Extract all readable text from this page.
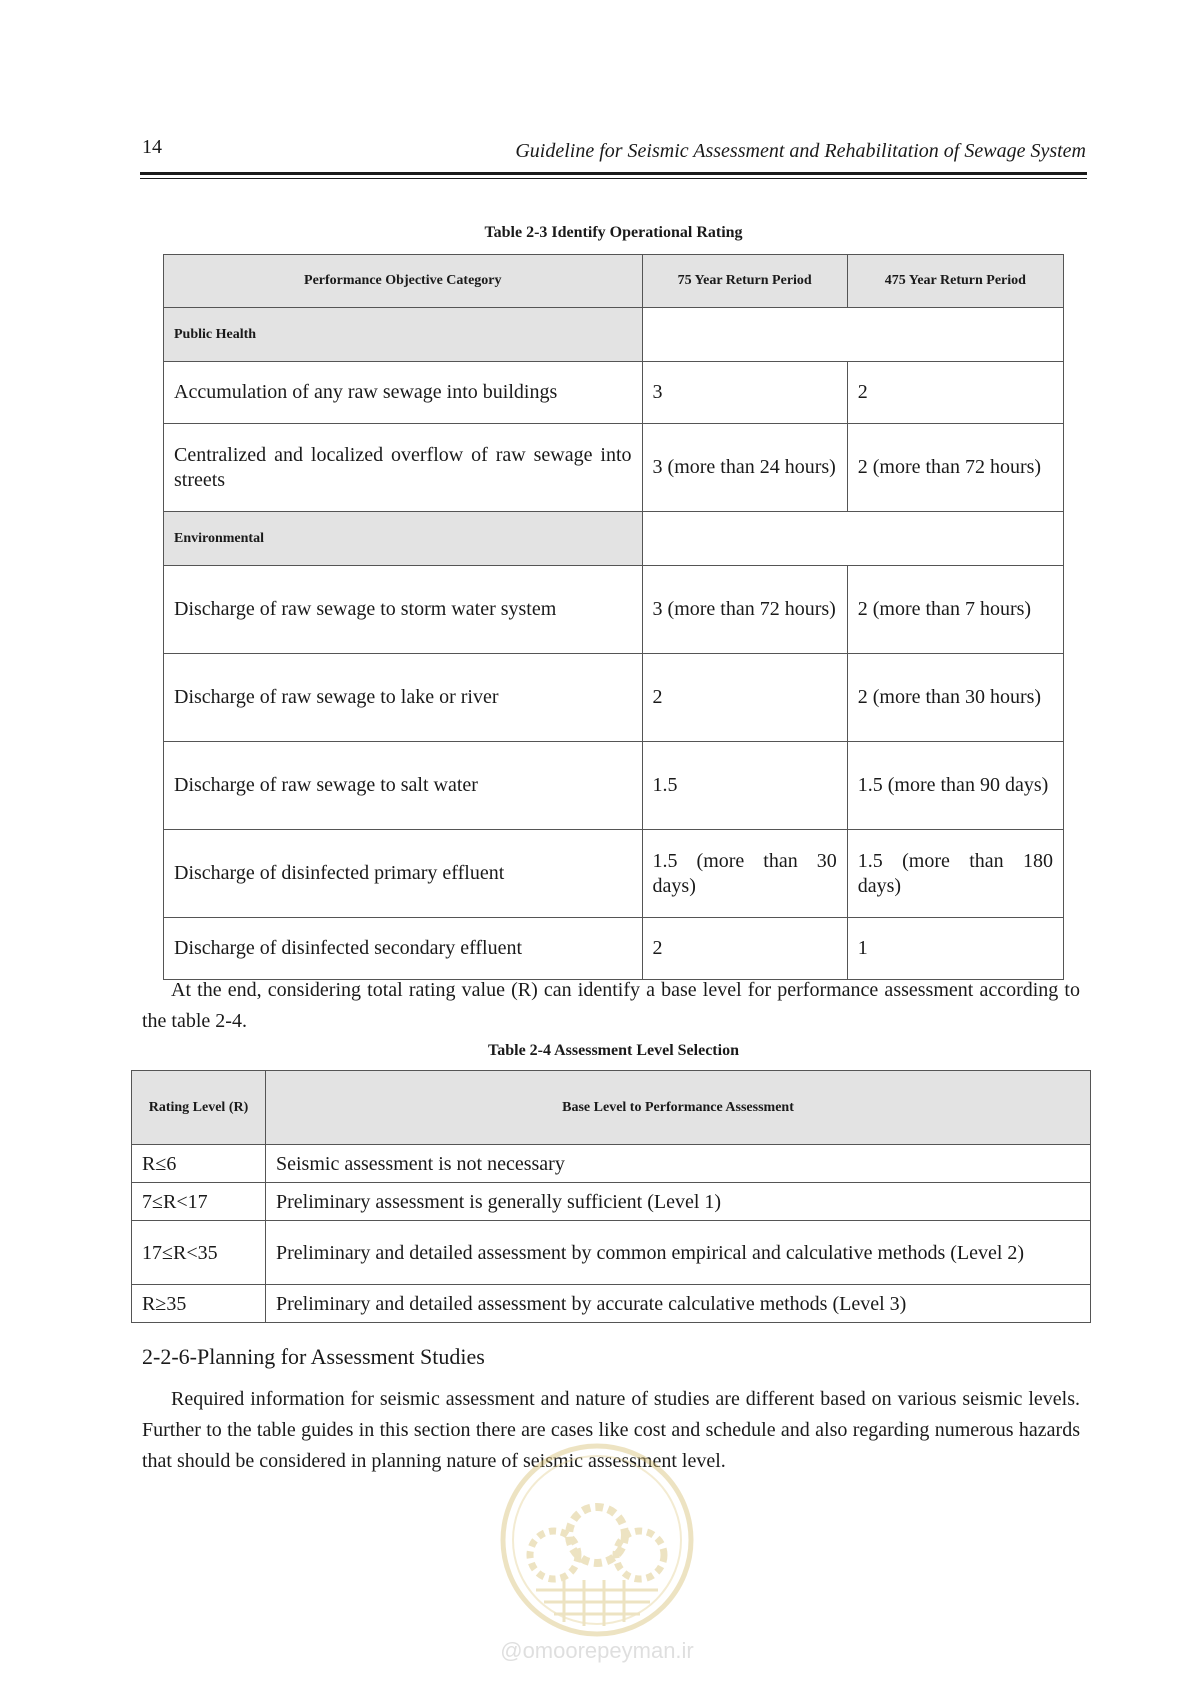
14	Guideline for Seismic Assessment and Rehabilitation of Sewage System
Table 2-3 Identify Operational Rating
Performance Objective Category	75 Year Return Period	475 Year Return Period
Public Health		
Accumulation of any raw sewage into buildings	3	2
Centralized and localized overflow of raw sewage into streets	3 (more than 24 hours)	2 (more than 72 hours)
Environmental		
Discharge of raw sewage to storm water system	3 (more than 72 hours)	2 (more than 7 hours)
Discharge of raw sewage to lake or river	2	2 (more than 30 hours)
Discharge of raw sewage to salt water	1.5	1.5 (more than 90 days)
Discharge of disinfected primary effluent	1.5 (more than 30 days)	1.5 (more than 180 days)
Discharge of disinfected secondary effluent	2	1

At the end, considering total rating value (R) can identify a base level for performance assessment according to the table 2-4.

Table 2-4 Assessment Level Selection
Rating Level (R)	Base Level to Performance Assessment
R≤6	Seismic assessment is not necessary
7≤R<17	Preliminary assessment is generally sufficient (Level 1)
17≤R<35	Preliminary and detailed assessment by common empirical and calculative methods (Level 2)
R≥35	Preliminary and detailed assessment by accurate calculative methods (Level 3)
2-2-6-Planning for Assessment Studies

Required information for seismic assessment and nature of studies are different based on various seismic levels. Further to the table guides in this section there are cases like cost and schedule and also regarding numerous hazards that should be considered in planning nature of seismic assessment level.

@omoorepeyman.ir
